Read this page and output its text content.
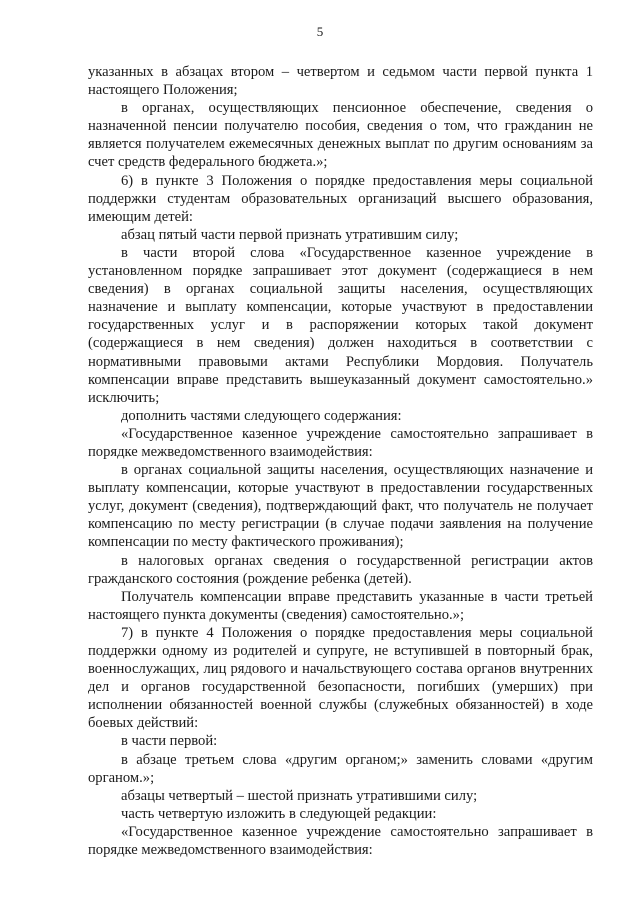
5

указанных в абзацах втором – четвертом и седьмом части первой пункта 1 настоящего Положения;

в органах, осуществляющих пенсионное обеспечение, сведения о назначенной пенсии получателю пособия, сведения о том, что гражданин не является получателем ежемесячных денежных выплат по другим основаниям за счет средств федерального бюджета.»;

6) в пункте 3 Положения о порядке предоставления меры социальной поддержки студентам образовательных организаций высшего образования, имеющим детей:

абзац пятый части первой признать утратившим силу;

в части второй слова «Государственное казенное учреждение в установленном порядке запрашивает этот документ (содержащиеся в нем сведения) в органах социальной защиты населения, осуществляющих назначение и выплату компенсации, которые участвуют в предоставлении государственных услуг и в распоряжении которых такой документ (содержащиеся в нем сведения) должен находиться в соответствии с нормативными правовыми актами Республики Мордовия. Получатель компенсации вправе представить вышеуказанный документ самостоятельно.» исключить;

дополнить частями следующего содержания:

«Государственное казенное учреждение самостоятельно запрашивает в порядке межведомственного взаимодействия:

в органах социальной защиты населения, осуществляющих назначение и выплату компенсации, которые участвуют в предоставлении государственных услуг, документ (сведения), подтверждающий факт, что получатель не получает компенсацию по месту регистрации (в случае подачи заявления на получение компенсации по месту фактического проживания);

в налоговых органах сведения о государственной регистрации актов гражданского состояния (рождение ребенка (детей).

Получатель компенсации вправе представить указанные в части третьей настоящего пункта документы (сведения) самостоятельно.»;

7) в пункте 4 Положения о порядке предоставления меры социальной поддержки одному из родителей и супруге, не вступившей в повторный брак, военнослужащих, лиц рядового и начальствующего состава органов внутренних дел и органов государственной безопасности, погибших (умерших) при исполнении обязанностей военной службы (служебных обязанностей) в ходе боевых действий:

в части первой:

в абзаце третьем слова «другим органом;» заменить словами «другим органом.»;

абзацы четвертый – шестой признать утратившими силу;

часть четвертую изложить в следующей редакции:

«Государственное казенное учреждение самостоятельно запрашивает в порядке межведомственного взаимодействия:
